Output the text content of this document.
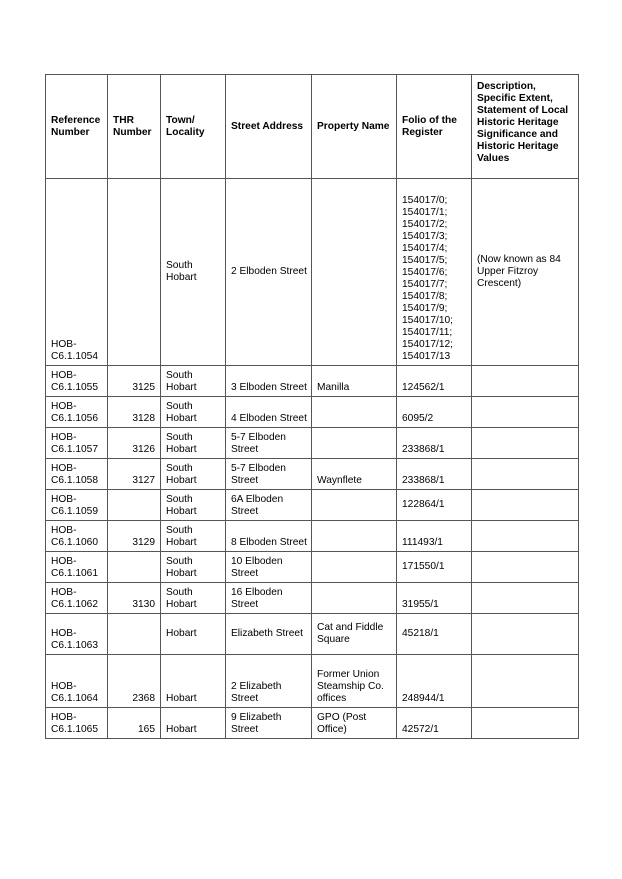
Reference Number	THR Number	Town/ Locality	Street Address	Property Name	Folio of the Register	Description, Specific Extent, Statement of Local Historic Heritage Significance and Historic Heritage Values
HOB-C6.1.1054		South Hobart	2 Elboden Street		154017/0; 154017/1; 154017/2; 154017/3; 154017/4; 154017/5; 154017/6; 154017/7; 154017/8; 154017/9; 154017/10; 154017/11; 154017/12; 154017/13	(Now known as 84 Upper Fitzroy Crescent)
HOB-C6.1.1055	3125	South Hobart	3 Elboden Street	Manilla	124562/1	
HOB-C6.1.1056	3128	South Hobart	4 Elboden Street		6095/2	
HOB-C6.1.1057	3126	South Hobart	5-7 Elboden Street		233868/1	
HOB-C6.1.1058	3127	South Hobart	5-7 Elboden Street	Waynflete	233868/1	
HOB-C6.1.1059		South Hobart	6A Elboden Street		122864/1	
HOB-C6.1.1060	3129	South Hobart	8 Elboden Street		111493/1	
HOB-C6.1.1061		South Hobart	10 Elboden Street		171550/1	
HOB-C6.1.1062	3130	South Hobart	16 Elboden Street		31955/1	
HOB-C6.1.1063		Hobart	Elizabeth Street	Cat and Fiddle Square	45218/1	
HOB-C6.1.1064	2368	Hobart	2 Elizabeth Street	Former Union Steamship Co. offices	248944/1	
HOB-C6.1.1065	165	Hobart	9 Elizabeth Street	GPO (Post Office)	42572/1	
